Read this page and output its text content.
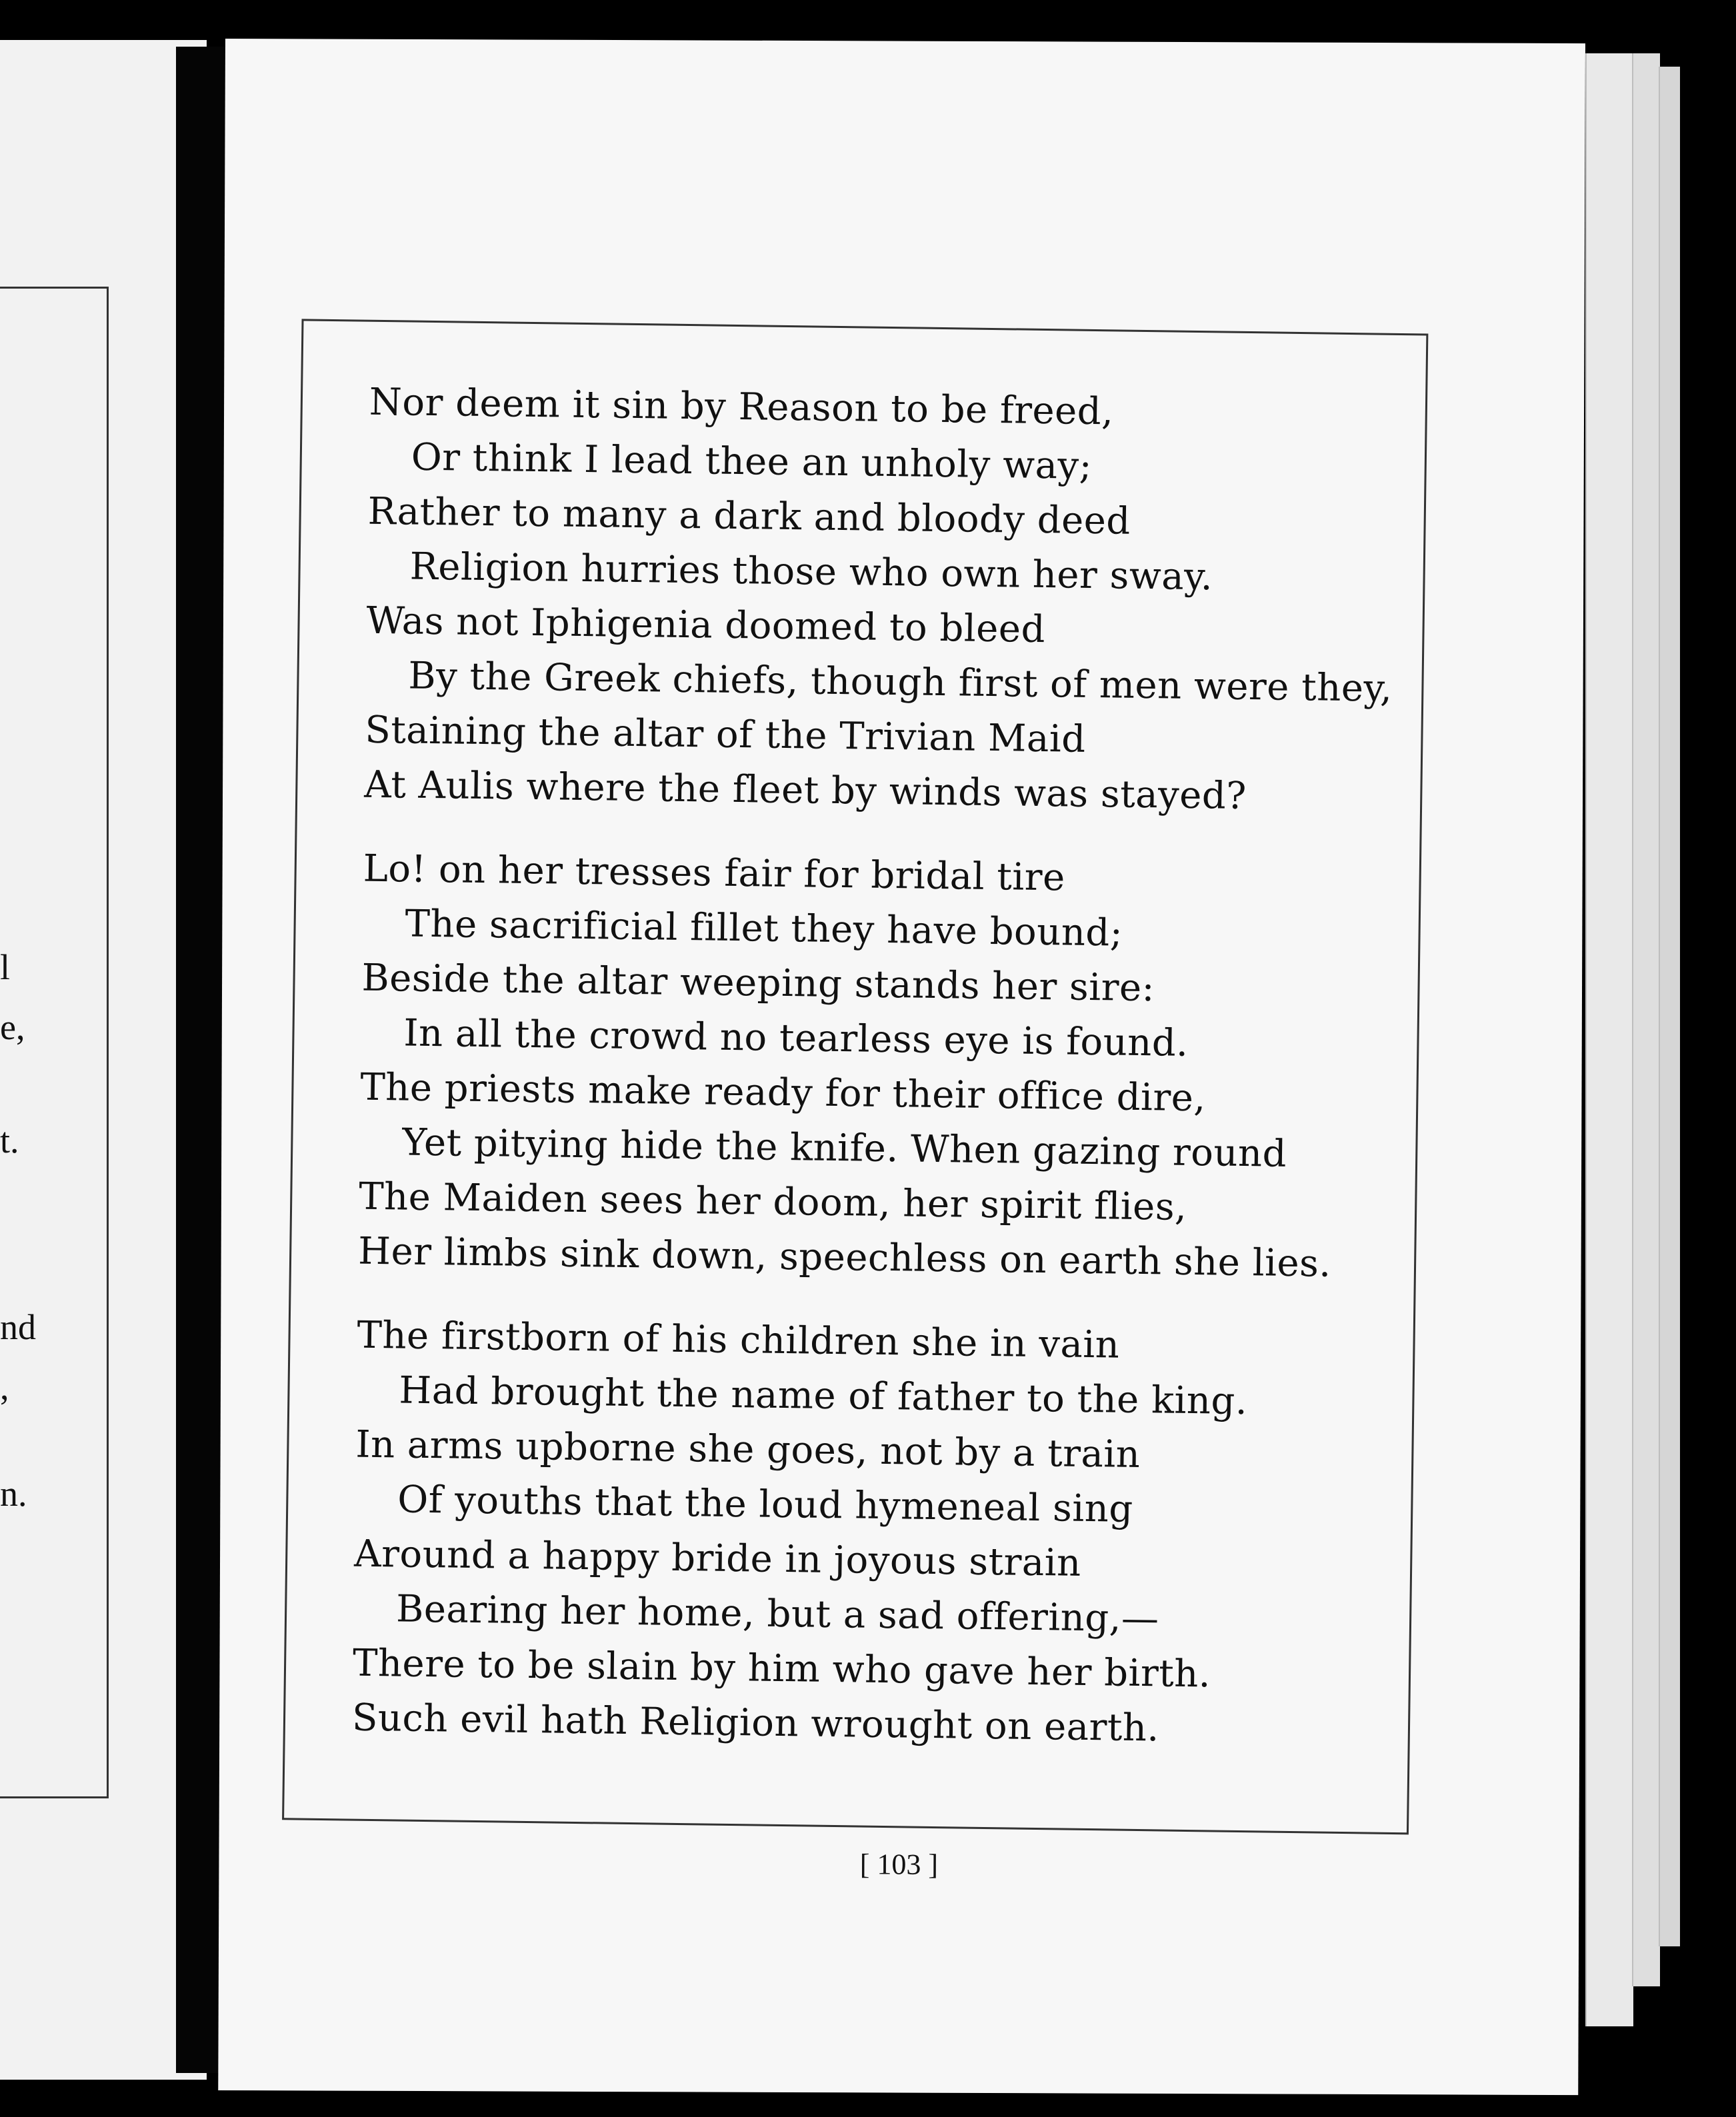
l
e,
t.
nd
,
n.
Nor deem it sin by Reason to be freed,
Or think I lead thee an unholy way;
Rather to many a dark and bloody deed
Religion hurries those who own her sway.
Was not Iphigenia doomed to bleed
By the Greek chiefs, though first of men were they,
Staining the altar of the Trivian Maid
At Aulis where the fleet by winds was stayed?
Lo! on her tresses fair for bridal tire
The sacrificial fillet they have bound;
Beside the altar weeping stands her sire:
In all the crowd no tearless eye is found.
The priests make ready for their office dire,
Yet pitying hide the knife. When gazing round
The Maiden sees her doom, her spirit flies,
Her limbs sink down, speechless on earth she lies.
The firstborn of his children she in vain
Had brought the name of father to the king.
In arms upborne she goes, not by a train
Of youths that the loud hymeneal sing
Around a happy bride in joyous strain
Bearing her home, but a sad offering,—
There to be slain by him who gave her birth.
Such evil hath Religion wrought on earth.
[ 103 ]
